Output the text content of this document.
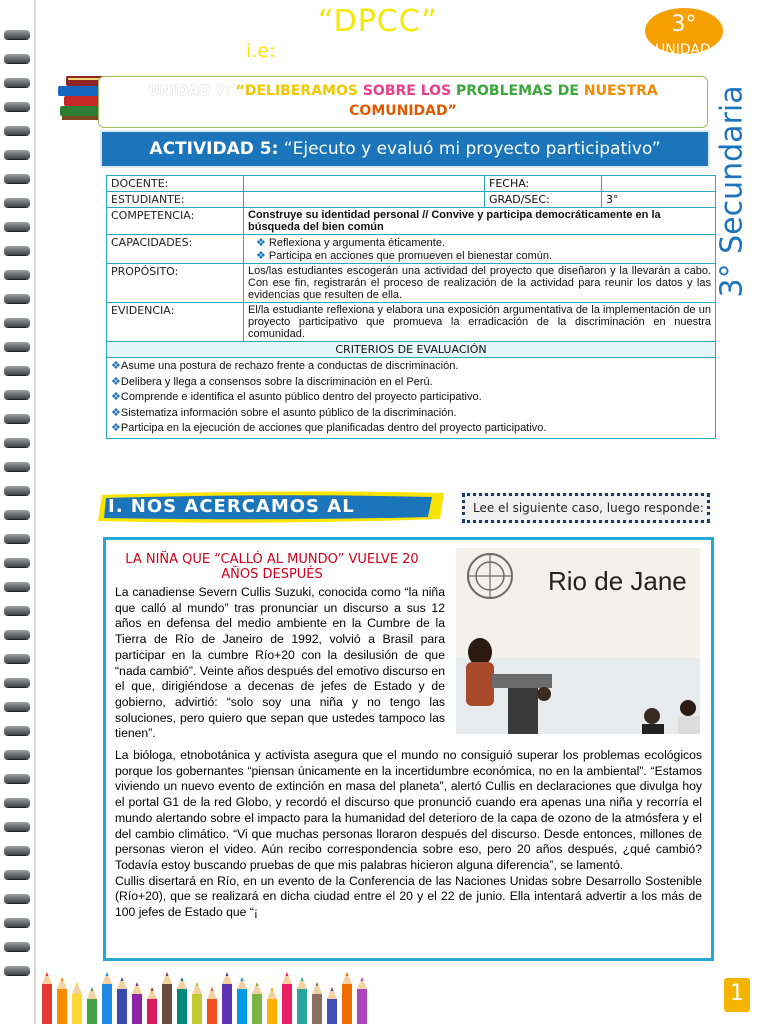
“DPCC”
i.e:
3°
UNIDAD:
3° Secundaria
UNIDAD 7: “DELIBERAMOS SOBRE LOS PROBLEMAS DE NUESTRA
COMUNIDAD”
ACTIVIDAD 5: “Ejecuto y evaluó mi proyecto participativo”
DOCENTE:		FECHA:	
ESTUDIANTE:		GRAD/SEC:	3°
COMPETENCIA:	Construye su identidad personal // Convive y participa democráticamente en la búsqueda del bien común		
CAPACIDADES:	❖ Reflexiona y argumenta éticamente.
❖ Participa en acciones que promueven el bienestar común.		

PROPÓSITO:	Los/las estudiantes escogerán una actividad del proyecto que diseñaron y la llevarán a cabo. Con ese fin, registrarán el proceso de realización de la actividad para reunir los datos y las evidencias que resulten de ella.		
EVIDENCIA:	El/la estudiante reflexiona y elabora una exposición argumentativa de la implementación de un proyecto participativo que promueva la erradicación de la discriminación en nuestra comunidad.		
CRITERIOS DE EVALUACIÓN			

❖Asume una postura de rechazo frente a conductas de discriminación.
❖Delibera y llega a consensos sobre la discriminación en el Perú.
❖Comprende e identifica el asunto público dentro del proyecto participativo.
❖Sistematiza información sobre el asunto público de la discriminación.
❖Participa en la ejecución de acciones que planificadas dentro del proyecto participativo.			
I. NOS ACERCAMOS AL	Lee el siguiente caso, luego responde:
LA NIÑA QUE “CALLÓ AL MUNDO” VUELVE 20 AÑOS DESPUÉS
La canadiense Severn Cullis Suzuki, conocida como “la niña que calló al mundo” tras pronunciar un discurso a sus 12 años en defensa del medio ambiente en la Cumbre de la Tierra de Río de Janeiro de 1992, volvió a Brasil para participar en la cumbre Río+20 con la desilusión de que “nada cambió”. Veinte años después del emotivo discurso en el que, dirigiéndose a decenas de jefes de Estado y de gobierno, advirtió: “solo soy una niña y no tengo las soluciones, pero quiero que sepan que ustedes tampoco las tienen”.
Rio de Jane
La bióloga, etnobotánica y activista asegura que el mundo no consiguió superar los problemas ecológicos porque los gobernantes “piensan únicamente en la incertidumbre económica, no en la ambiental”. “Estamos viviendo un nuevo evento de extinción en masa del planeta”, alertó Cullis en declaraciones que divulga hoy el portal G1 de la red Globo, y recordó el discurso que pronunció cuando era apenas una niña y recorría el mundo alertando sobre el impacto para la humanidad del deterioro de la capa de ozono de la atmósfera y el del cambio climático. “Vi que muchas personas lloraron después del discurso. Desde entonces, millones de personas vieron el video. Aún recibo correspondencia sobre eso, pero 20 años después, ¿qué cambió? Todavía estoy buscando pruebas de que mis palabras hicieron alguna diferencia”, se lamentó.
Cullis disertará en Río, en un evento de la Conferencia de las Naciones Unidas sobre Desarrollo Sostenible (Río+20), que se realizará en dicha ciudad entre el 20 y el 22 de junio. Ella intentará advertir a los más de 100 jefes de Estado que “¡
1
